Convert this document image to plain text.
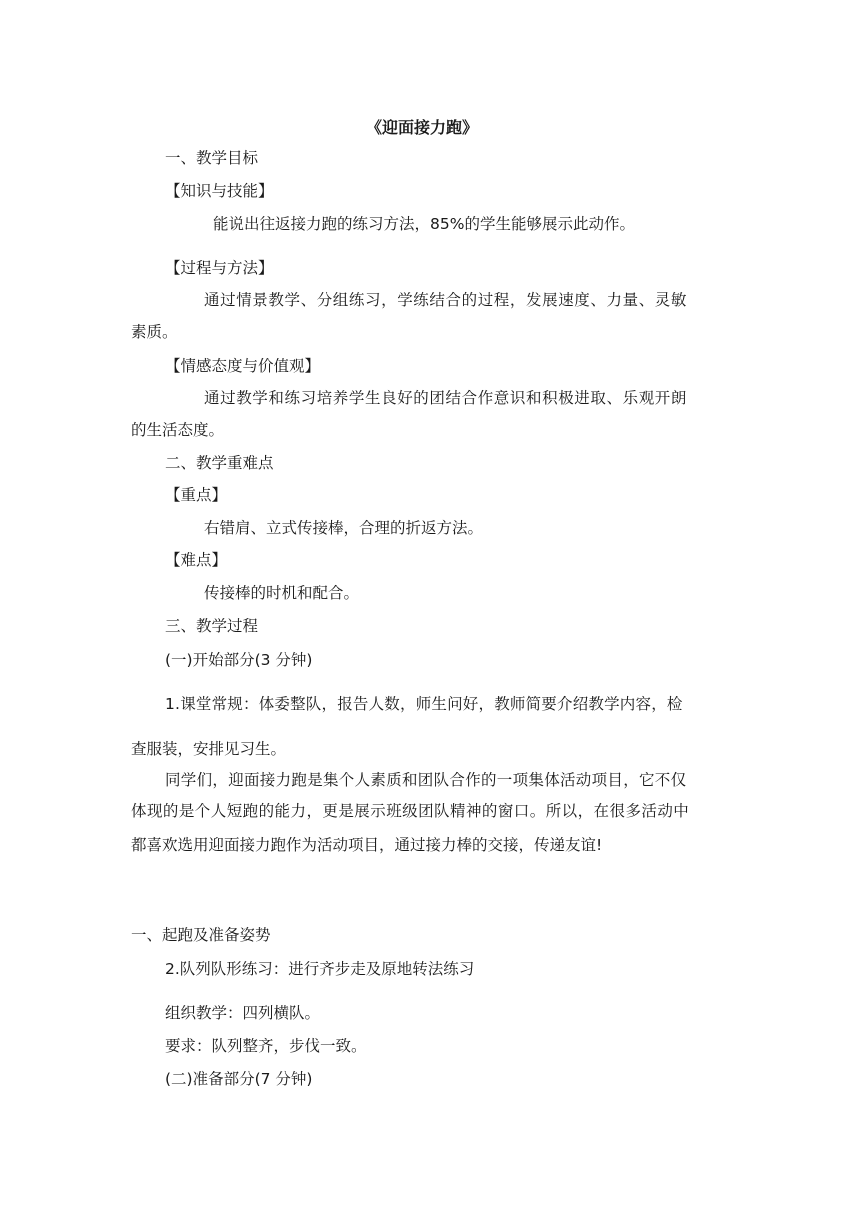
《迎面接力跑》
一、教学目标
【知识与技能】
能说出往返接力跑的练习方法，85%的学生能够展示此动作。
【过程与方法】
通过情景教学、分组练习，学练结合的过程，发展速度、力量、灵敏
素质。
【情感态度与价值观】
通过教学和练习培养学生良好的团结合作意识和积极进取、乐观开朗
的生活态度。
二、教学重难点
【重点】
右错肩、立式传接棒，合理的折返方法。
【难点】
传接棒的时机和配合。
三、教学过程
(一)开始部分(3 分钟)
1.课堂常规：体委整队，报告人数，师生问好，教师简要介绍教学内容，检
查服装，安排见习生。
同学们，迎面接力跑是集个人素质和团队合作的一项集体活动项目，它不仅
体现的是个人短跑的能力，更是展示班级团队精神的窗口。所以，在很多活动中
都喜欢选用迎面接力跑作为活动项目，通过接力棒的交接，传递友谊!
一、起跑及准备姿势
2.队列队形练习：进行齐步走及原地转法练习
组织教学：四列横队。
要求：队列整齐，步伐一致。
(二)准备部分(7 分钟)
